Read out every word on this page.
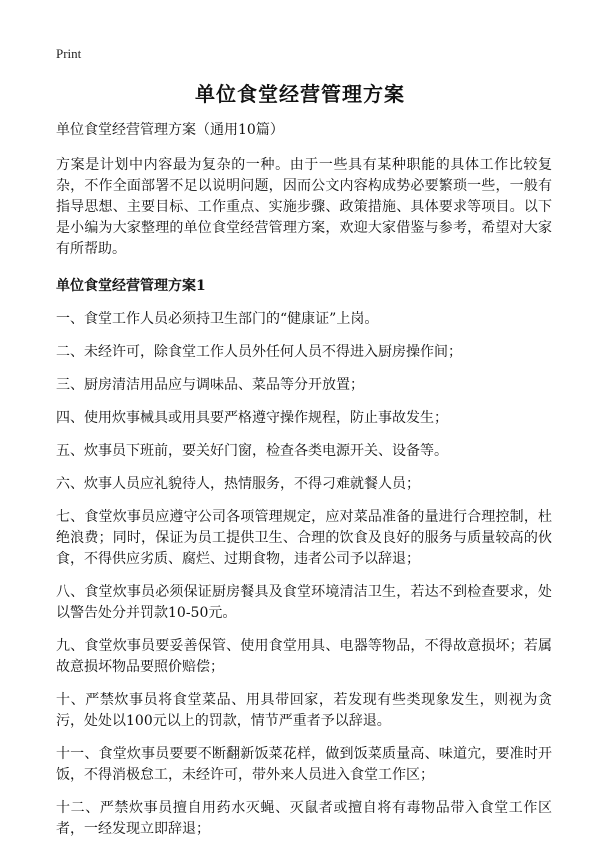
Print
单位食堂经营管理方案
单位食堂经营管理方案（通用10篇）
方案是计划中内容最为复杂的一种。由于一些具有某种职能的具体工作比较复杂，不作全面部署不足以说明问题，因而公文内容构成势必要繁琐一些，一般有指导思想、主要目标、工作重点、实施步骤、政策措施、具体要求等项目。以下是小编为大家整理的单位食堂经营管理方案，欢迎大家借鉴与参考，希望对大家有所帮助。
单位食堂经营管理方案1
一、食堂工作人员必须持卫生部门的“健康证”上岗。
二、未经许可，除食堂工作人员外任何人员不得进入厨房操作间；
三、厨房清洁用品应与调味品、菜品等分开放置；
四、使用炊事械具或用具要严格遵守操作规程，防止事故发生；
五、炊事员下班前，要关好门窗，检查各类电源开关、设备等。
六、炊事人员应礼貌待人，热情服务，不得刁难就餐人员；
七、食堂炊事员应遵守公司各项管理规定，应对菜品准备的量进行合理控制，杜绝浪费；同时，保证为员工提供卫生、合理的饮食及良好的服务与质量较高的伙食，不得供应劣质、腐烂、过期食物，违者公司予以辞退；
八、食堂炊事员必须保证厨房餐具及食堂环境清洁卫生，若达不到检查要求，处以警告处分并罚款10-50元。
九、食堂炊事员要妥善保管、使用食堂用具、电器等物品，不得故意损坏；若属故意损坏物品要照价赔偿；
十、严禁炊事员将食堂菜品、用具带回家，若发现有些类现象发生，则视为贪污，处处以100元以上的罚款，情节严重者予以辞退。
十一、食堂炊事员要要不断翻新饭菜花样，做到饭菜质量高、味道宂，要准时开饭，不得消极怠工，未经许可，带外来人员进入食堂工作区；
十二、严禁炊事员擅自用药水灭蝇、灭鼠者或擅自将有毒物品带入食堂工作区者，一经发现立即辞退；
